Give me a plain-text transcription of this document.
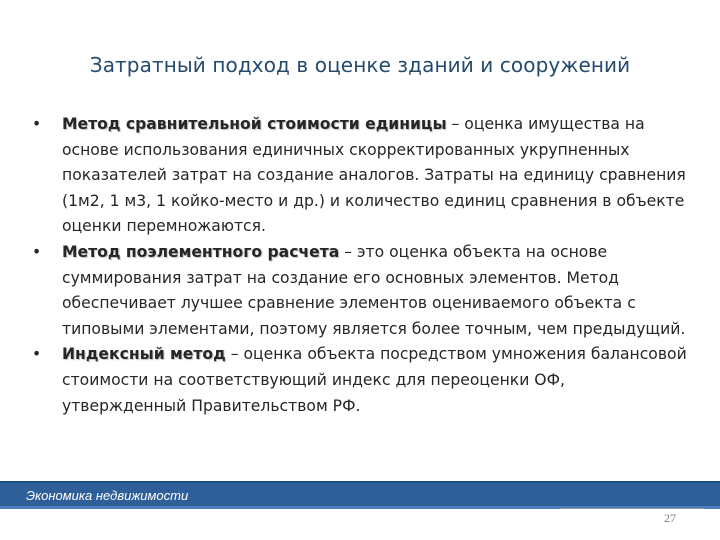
Затратный подход в оценке зданий и сооружений
• Метод сравнительной стоимости единицы – оценка имущества на основе использования единичных скорректированных укрупненных показателей затрат на создание аналогов. Затраты на единицу сравнения (1м2, 1 м3, 1 койко-место и др.) и количество единиц сравнения в объекте оценки перемножаются.
• Метод поэлементного расчета – это оценка объекта на основе суммирования затрат на создание его основных элементов. Метод обеспечивает лучшее сравнение элементов оцениваемого объекта с типовыми элементами, поэтому является более точным, чем предыдущий.
• Индексный метод – оценка объекта посредством умножения балансовой стоимости на соответствующий индекс для переоценки ОФ, утвержденный Правительством РФ.
Экономика недвижимости
27
